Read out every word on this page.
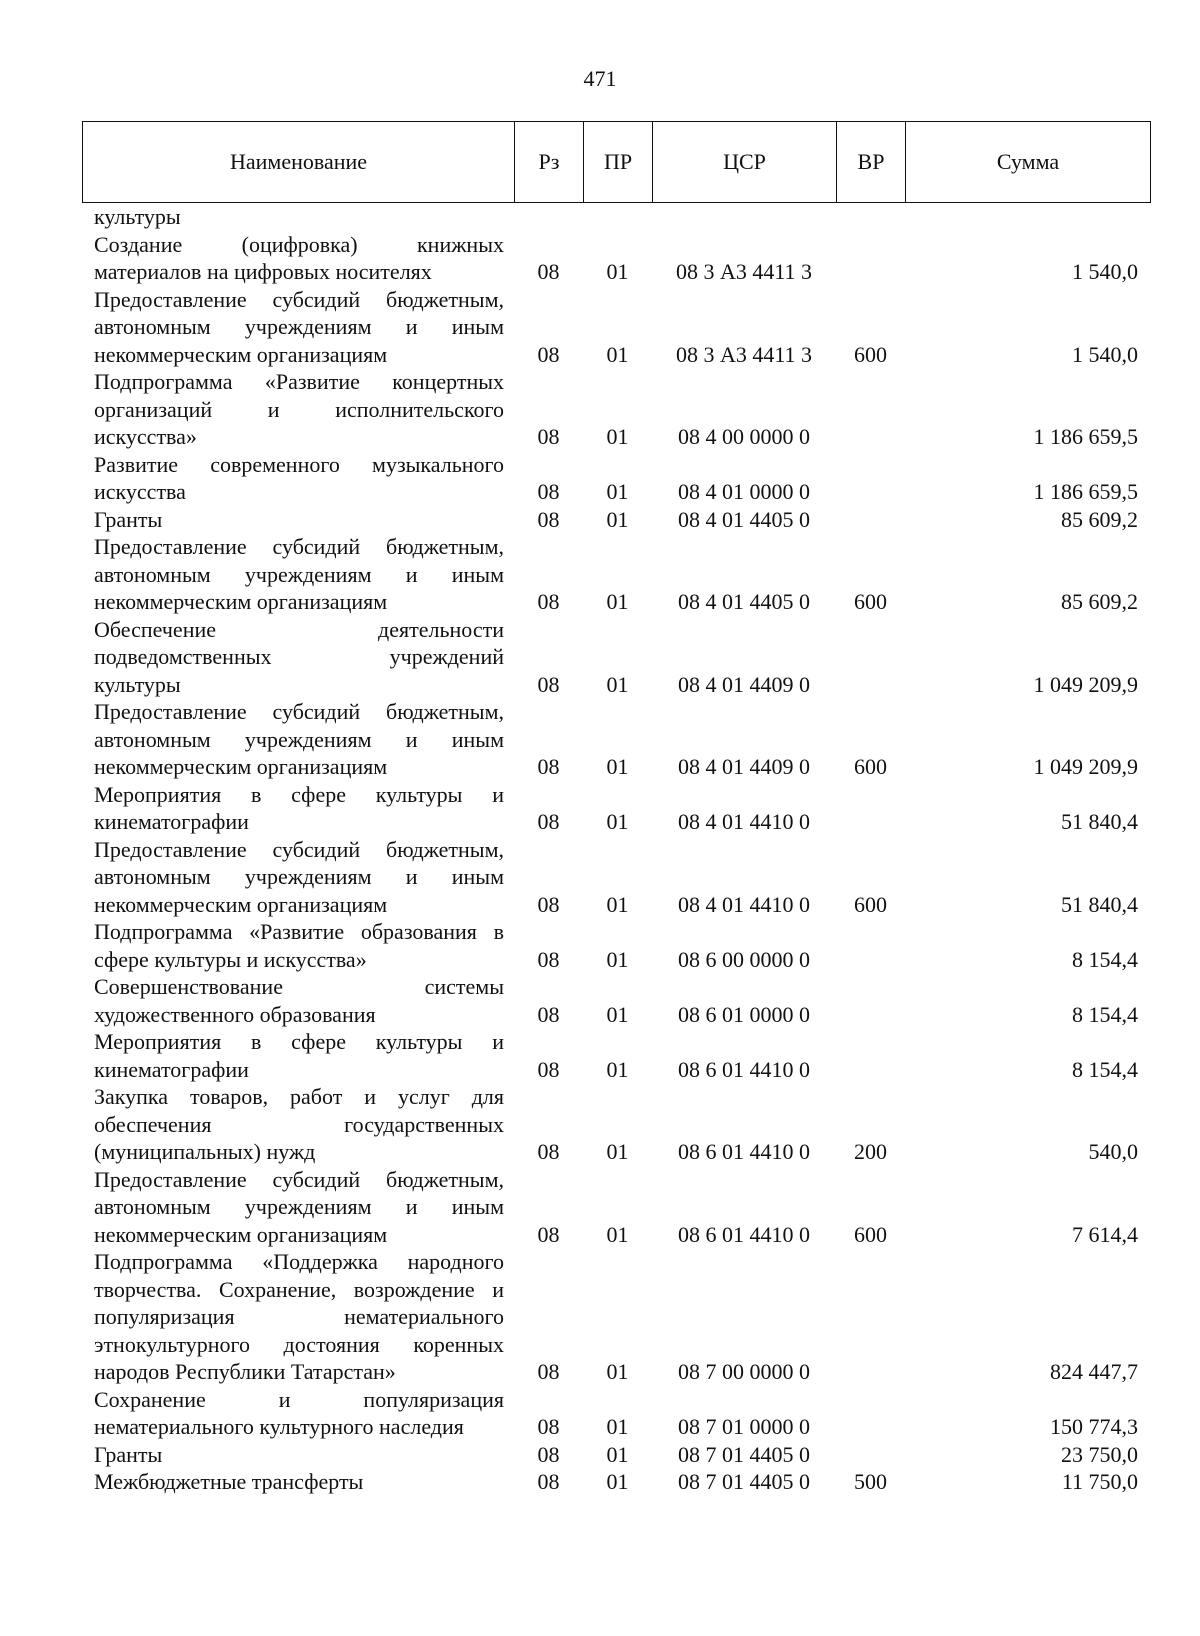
471
Наименование	Рз	ПР	ЦСР	ВР	Сумма
культуры					

Создание (оцифровка) книжных
материалов на цифровых носителях	08	01	08 3 А3 4411 3		1 540,0

Предоставление субсидий бюджетным,
автономным учреждениям и иным
некоммерческим организациям	08	01	08 3 А3 4411 3	600	1 540,0

Подпрограмма «Развитие концертных
организаций и исполнительского
искусства»	08	01	08 4 00 0000 0		1 186 659,5

Развитие современного музыкального
искусства	08	01	08 4 01 0000 0		1 186 659,5

Гранты	08	01	08 4 01 4405 0		85 609,2

Предоставление субсидий бюджетным,
автономным учреждениям и иным
некоммерческим организациям	08	01	08 4 01 4405 0	600	85 609,2

Обеспечение деятельности
подведомственных учреждений
культуры	08	01	08 4 01 4409 0		1 049 209,9

Предоставление субсидий бюджетным,
автономным учреждениям и иным
некоммерческим организациям	08	01	08 4 01 4409 0	600	1 049 209,9

Мероприятия в сфере культуры и
кинематографии	08	01	08 4 01 4410 0		51 840,4

Предоставление субсидий бюджетным,
автономным учреждениям и иным
некоммерческим организациям	08	01	08 4 01 4410 0	600	51 840,4

Подпрограмма «Развитие образования в
сфере культуры и искусства»	08	01	08 6 00 0000 0		8 154,4

Совершенствование системы
художественного образования	08	01	08 6 01 0000 0		8 154,4

Мероприятия в сфере культуры и
кинематографии	08	01	08 6 01 4410 0		8 154,4

Закупка товаров, работ и услуг для
обеспечения государственных
(муниципальных) нужд	08	01	08 6 01 4410 0	200	540,0

Предоставление субсидий бюджетным,
автономным учреждениям и иным
некоммерческим организациям	08	01	08 6 01 4410 0	600	7 614,4

Подпрограмма «Поддержка народного
творчества. Сохранение, возрождение и
популяризация нематериального
этнокультурного достояния коренных
народов Республики Татарстан»	08	01	08 7 00 0000 0		824 447,7

Сохранение и популяризация
нематериального культурного наследия	08	01	08 7 01 0000 0		150 774,3

Гранты	08	01	08 7 01 4405 0		23 750,0

Межбюджетные трансферты	08	01	08 7 01 4405 0	500	11 750,0
